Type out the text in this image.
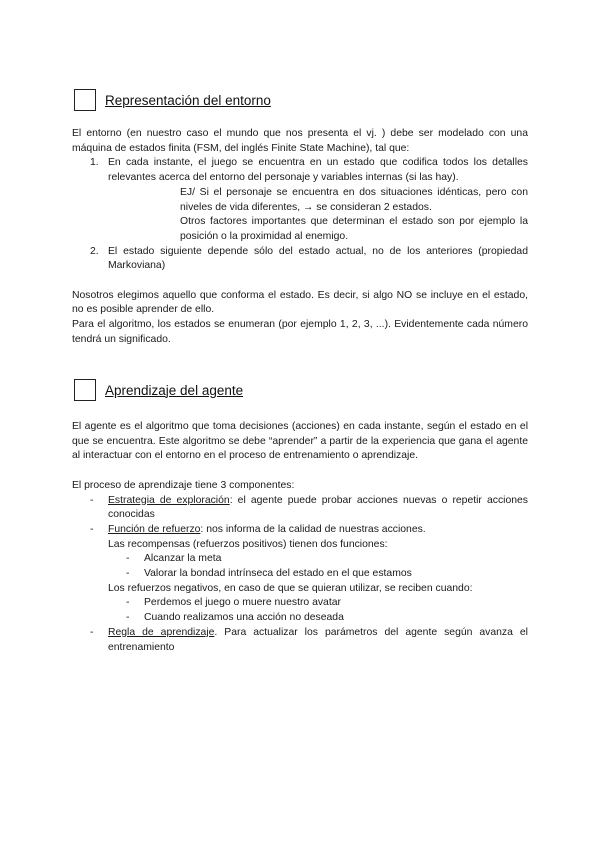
Representación del entorno

El entorno (en nuestro caso el mundo que nos presenta el vj. ) debe ser modelado con una máquina de estados finita (FSM, del inglés Finite State Machine), tal que:

1. En cada instante, el juego se encuentra en un estado que codifica todos los detalles relevantes acerca del entorno del personaje y variables internas (si las hay).

EJ/ Si el personaje se encuentra en dos situaciones idénticas, pero con niveles de vida diferentes, → se consideran 2 estados.

Otros factores importantes que determinan el estado son por ejemplo la posición o la proximidad al enemigo.

2. El estado siguiente depende sólo del estado actual, no de los anteriores (propiedad Markoviana)

Nosotros elegimos aquello que conforma el estado. Es decir, si algo NO se incluye en el estado, no es posible aprender de ello.

Para el algoritmo, los estados se enumeran (por ejemplo 1, 2, 3, ...). Evidentemente cada número tendrá un significado.

Aprendizaje del agente

El agente es el algoritmo que toma decisiones (acciones) en cada instante, según el estado en el que se encuentra. Este algoritmo se debe “aprender” a partir de la experiencia que gana el agente al interactuar con el entorno en el proceso de entrenamiento o aprendizaje.

El proceso de aprendizaje tiene 3 componentes:

- Estrategia de exploración: el agente puede probar acciones nuevas o repetir acciones conocidas

- Función de refuerzo: nos informa de la calidad de nuestras acciones.

Las recompensas (refuerzos positivos) tienen dos funciones:

- Alcanzar la meta

- Valorar la bondad intrínseca del estado en el que estamos

Los refuerzos negativos, en caso de que se quieran utilizar, se reciben cuando:

- Perdemos el juego o muere nuestro avatar

- Cuando realizamos una acción no deseada

- Regla de aprendizaje. Para actualizar los parámetros del agente según avanza el entrenamiento
